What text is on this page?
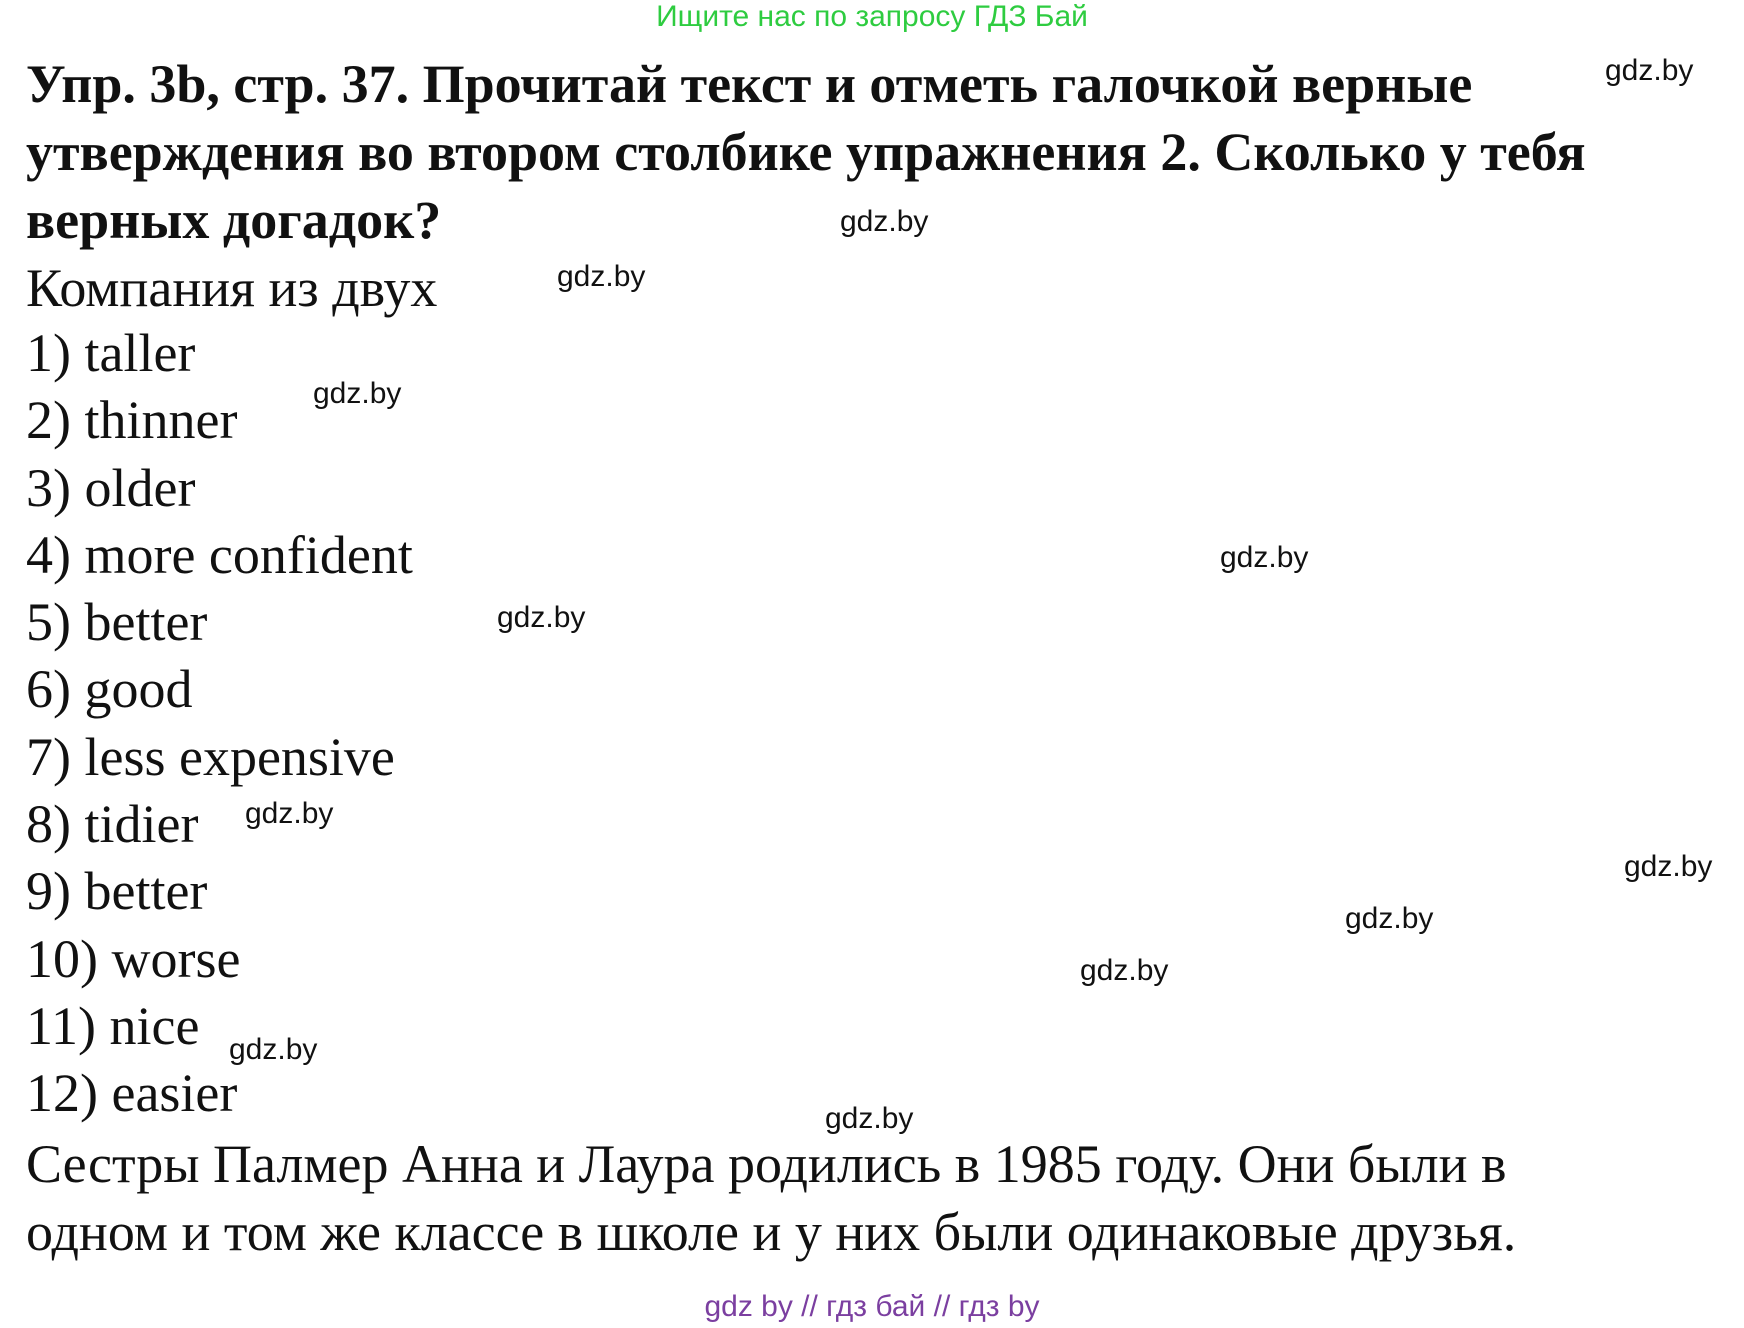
Ищите нас по запросу ГДЗ Бай
Упр. 3b, стр. 37. Прочитай текст и отметь галочкой верные
утверждения во втором столбике упражнения 2. Сколько у тебя
верных догадок?

Компания из двух

1) taller
2) thinner
3) older
4) more confident
5) better
6) good
7) less expensive
8) tidier
9) better
10) worse
11) nice
12) easier

Сестры Палмер Анна и Лаура родились в 1985 году. Они были в
одном и том же классе в школе и у них были одинаковые друзья.

gdz.by
gdz.by
gdz.by
gdz.by
gdz.by
gdz.by
gdz.by
gdz.by
gdz.by
gdz.by
gdz.by
gdz.by
gdz by // гдз бай // гдз by
